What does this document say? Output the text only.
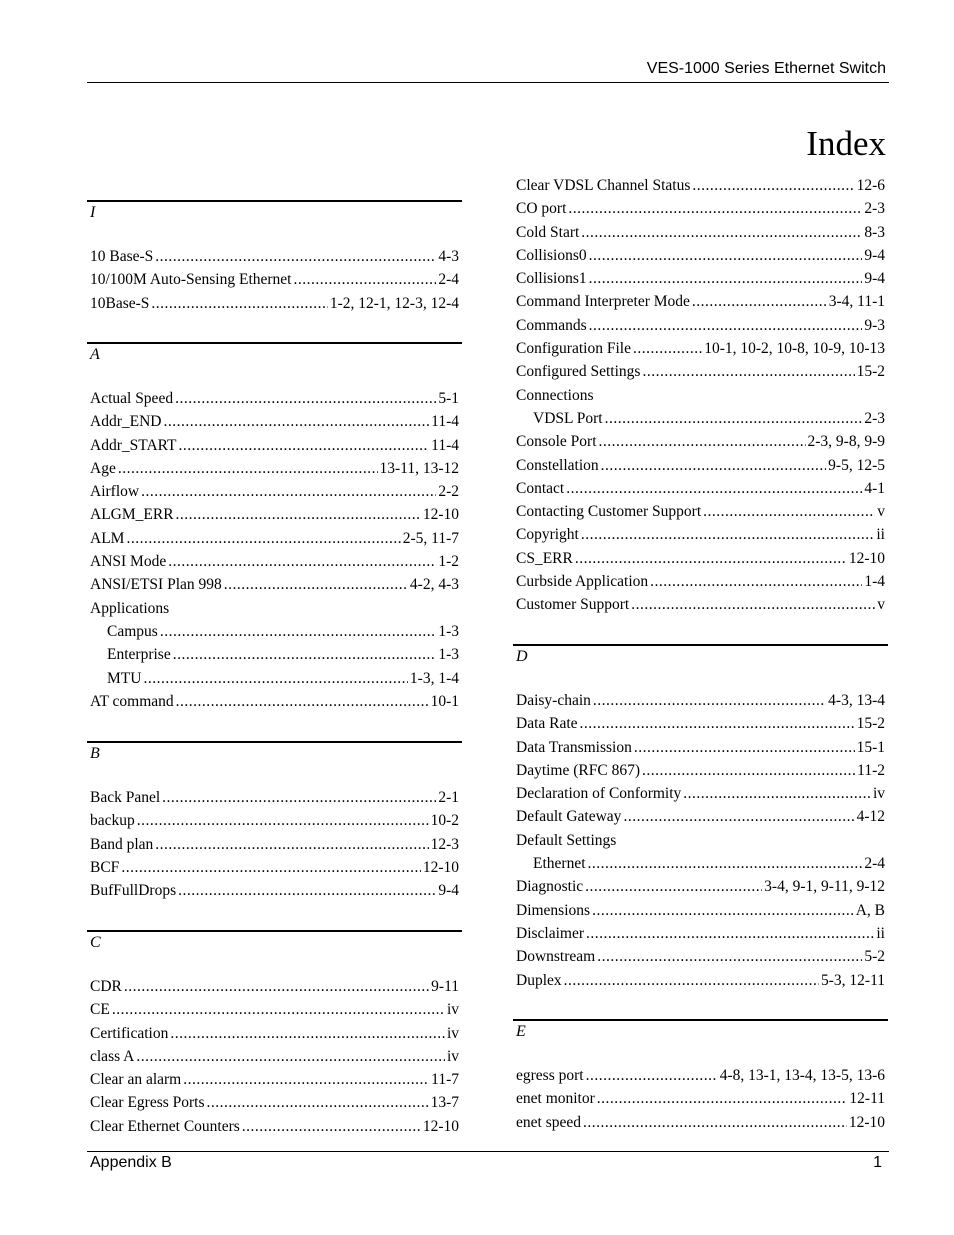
VES-1000 Series Ethernet Switch
Index
I
10 Base-S .....	4-3
10/100M Auto-Sensing Ethernet .....	2-4
10Base-S .....	1-2, 12-1, 12-3, 12-4
A
Actual Speed .....	5-1
Addr_END .....	11-4
Addr_START .....	11-4
Age .....	13-11, 13-12
Airflow .....	2-2
ALGM_ERR .....	12-10
ALM .....	2-5, 11-7
ANSI Mode .....	1-2
ANSI/ETSI Plan 998 .....	4-2, 4-3
Applications
Campus .....	1-3
Enterprise .....	1-3
MTU .....	1-3, 1-4
AT command .....	10-1
B
Back Panel .....	2-1
backup .....	10-2
Band plan .....	12-3
BCF .....	12-10
BufFullDrops .....	9-4
C
CDR .....	9-11
CE .....	iv
Certification .....	iv
class A .....	iv
Clear an alarm .....	11-7
Clear Egress Ports .....	13-7
Clear Ethernet Counters .....	12-10
Clear VDSL Channel Status .....	12-6
CO port .....	2-3
Cold Start .....	8-3
Collisions0 .....	9-4
Collisions1 .....	9-4
Command Interpreter Mode .....	3-4, 11-1
Commands .....	9-3
Configuration File .....	10-1, 10-2, 10-8, 10-9, 10-13
Configured Settings .....	15-2
Connections
VDSL Port .....	2-3
Console Port .....	2-3, 9-8, 9-9
Constellation .....	9-5, 12-5
Contact .....	4-1
Contacting Customer Support .....	v
Copyright .....	ii
CS_ERR .....	12-10
Curbside Application .....	1-4
Customer Support .....	v
D
Daisy-chain .....	4-3, 13-4
Data Rate .....	15-2
Data Transmission .....	15-1
Daytime (RFC 867) .....	11-2
Declaration of Conformity .....	iv
Default Gateway .....	4-12
Default Settings
Ethernet .....	2-4
Diagnostic .....	3-4, 9-1, 9-11, 9-12
Dimensions .....	A, B
Disclaimer .....	ii
Downstream .....	5-2
Duplex .....	5-3, 12-11
E
egress port .....	4-8, 13-1, 13-4, 13-5, 13-6
enet monitor .....	12-11
enet speed .....	12-10
Appendix B	1
